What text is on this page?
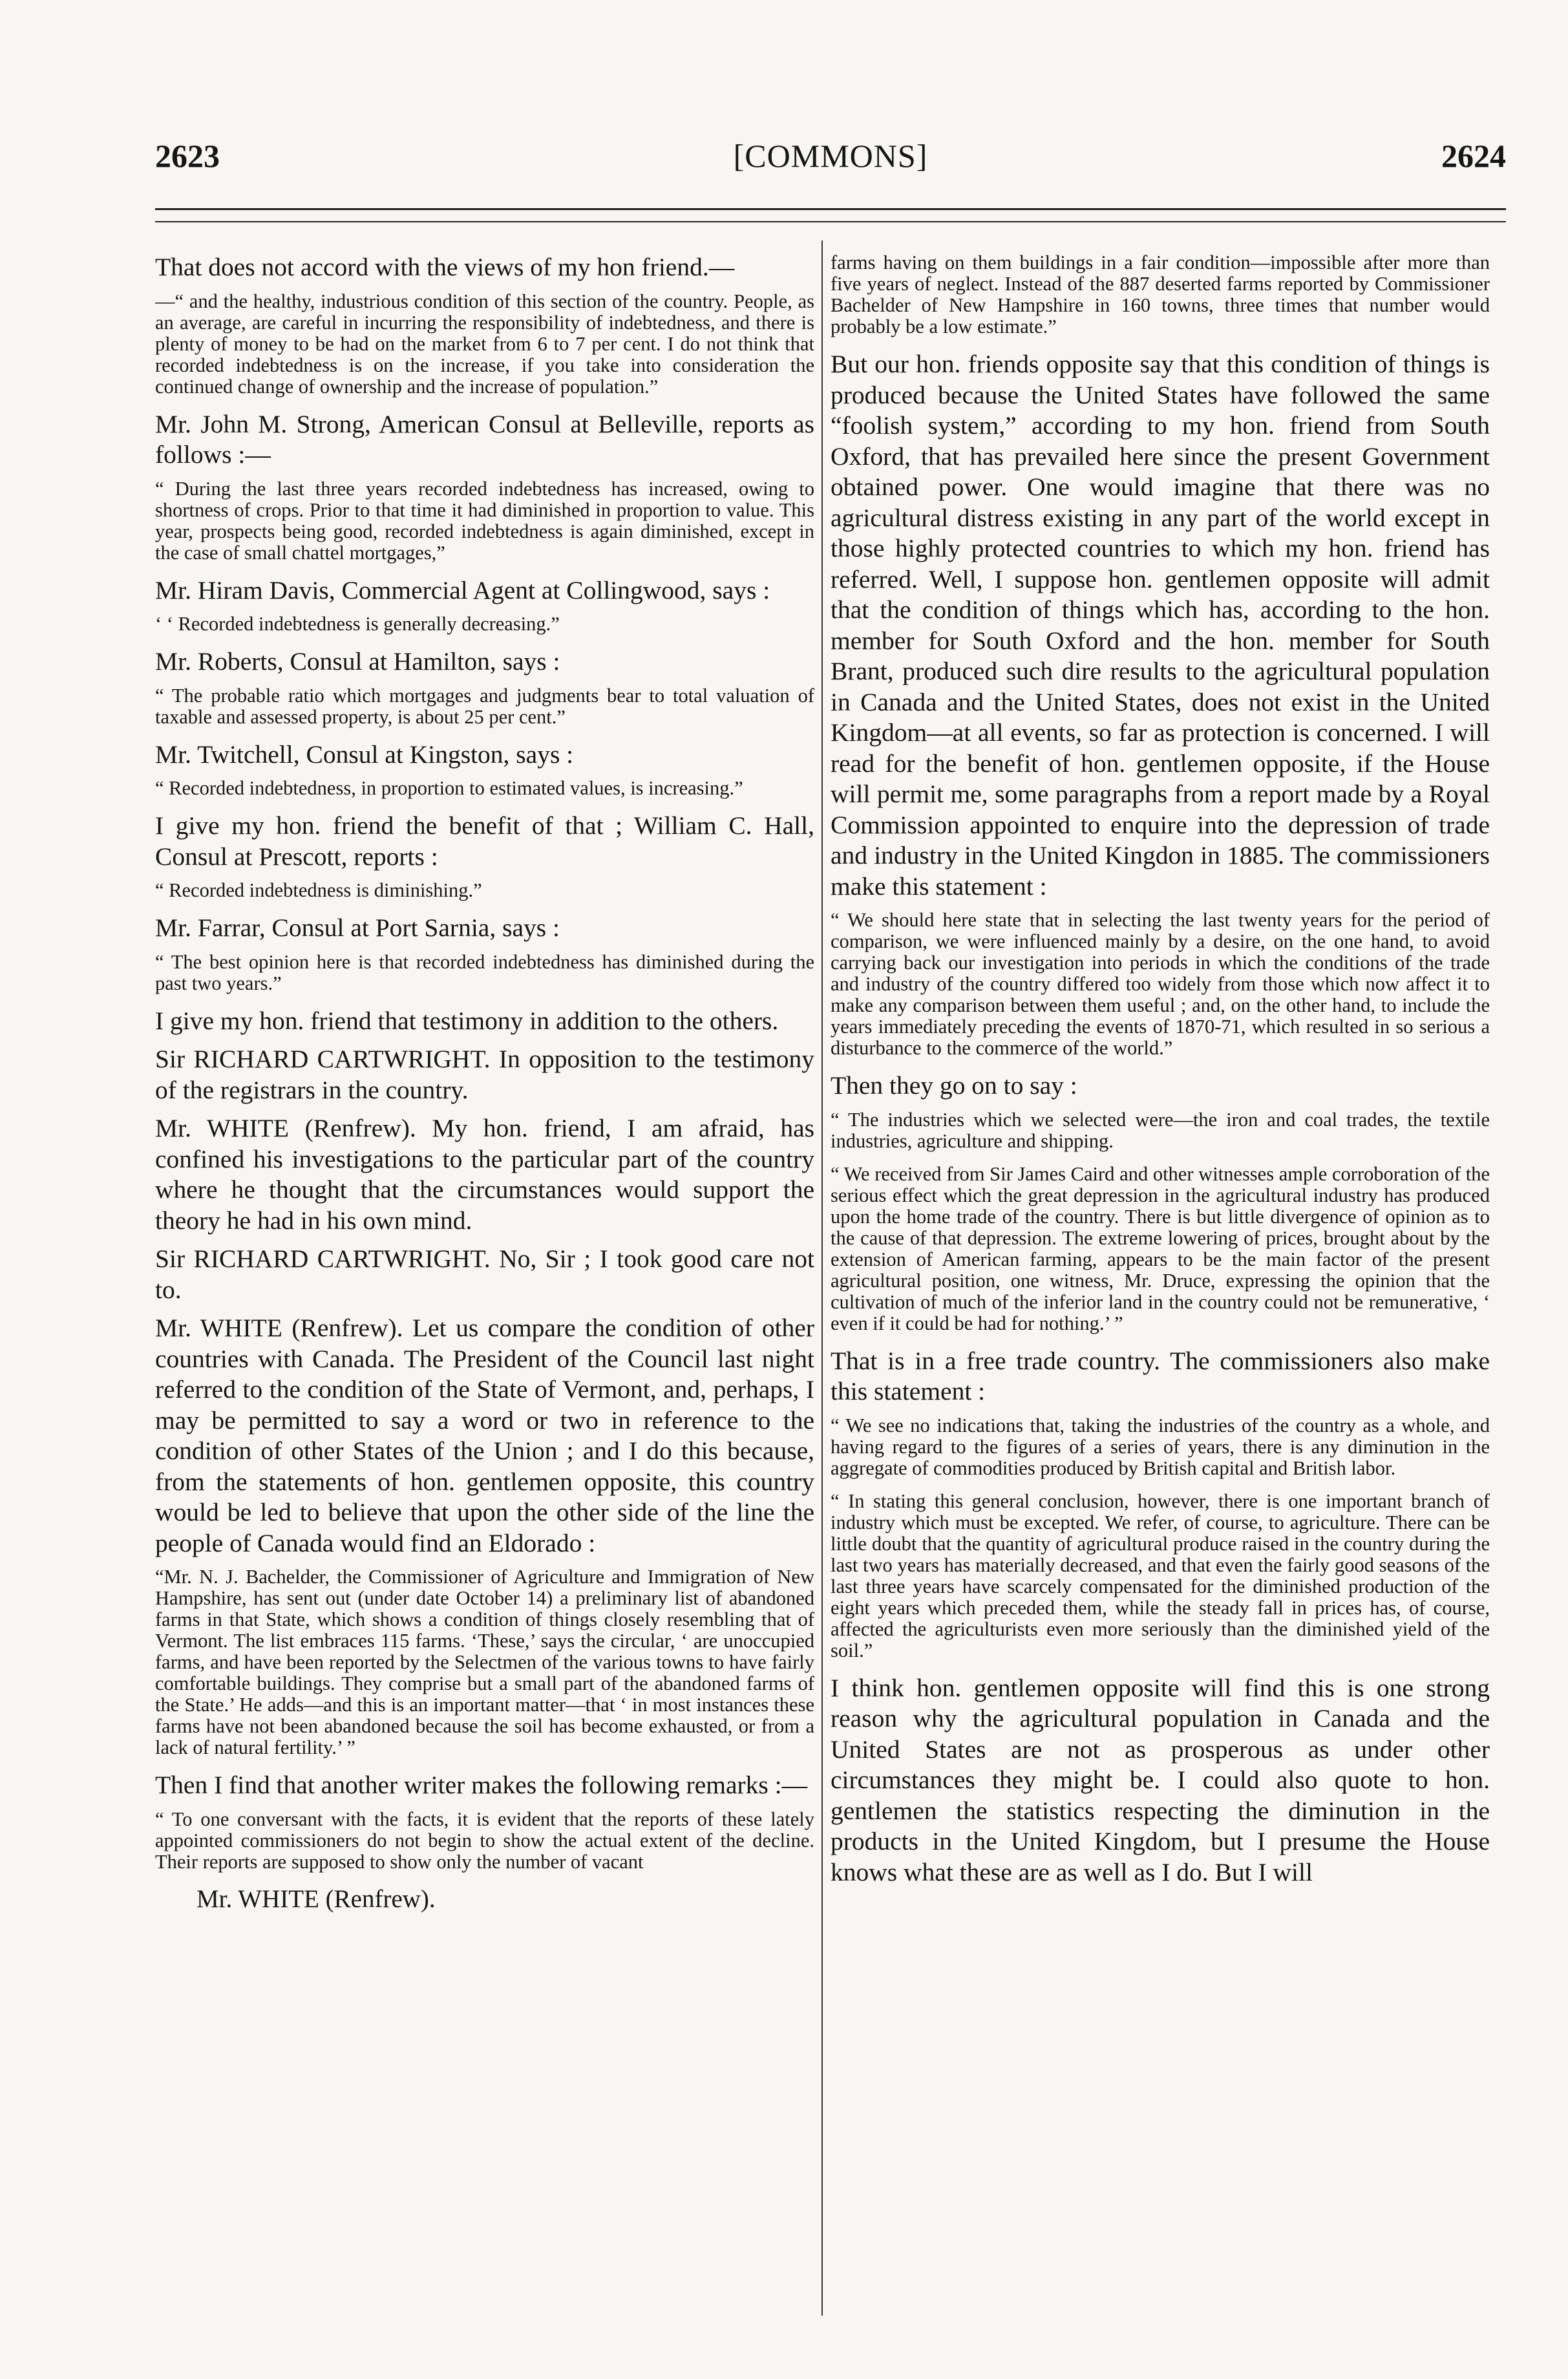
2623	[COMMONS]	2624

That does not accord with the views of my hon friend.—

—“ and the healthy, industrious condition of this section of the country. People, as an average, are careful in incurring the responsibility of indebtedness, and there is plenty of money to be had on the market from 6 to 7 per cent. I do not think that recorded indebtedness is on the increase, if you take into consideration the continued change of ownership and the increase of population.”

Mr. John M. Strong, American Consul at Belleville, reports as follows :—

“ During the last three years recorded indebtedness has increased, owing to shortness of crops. Prior to that time it had diminished in proportion to value. This year, prospects being good, recorded indebtedness is again diminished, except in the case of small chattel mortgages,”

Mr. Hiram Davis, Commercial Agent at Collingwood, says :

‘ ‘ Recorded indebtedness is generally decreasing.”

Mr. Roberts, Consul at Hamilton, says :

“ The probable ratio which mortgages and judgments bear to total valuation of taxable and assessed property, is about 25 per cent.”

Mr. Twitchell, Consul at Kingston, says :

“ Recorded indebtedness, in proportion to estimated values, is increasing.”

I give my hon. friend the benefit of that ; William C. Hall, Consul at Prescott, reports :

“ Recorded indebtedness is diminishing.”

Mr. Farrar, Consul at Port Sarnia, says :

“ The best opinion here is that recorded indebtedness has diminished during the past two years.”

I give my hon. friend that testimony in addition to the others.

Sir RICHARD CARTWRIGHT. In opposition to the testimony of the registrars in the country.

Mr. WHITE (Renfrew). My hon. friend, I am afraid, has confined his investigations to the particular part of the country where he thought that the circumstances would support the theory he had in his own mind.

Sir RICHARD CARTWRIGHT. No, Sir ; I took good care not to.

Mr. WHITE (Renfrew). Let us compare the condition of other countries with Canada. The President of the Council last night referred to the condition of the State of Vermont, and, perhaps, I may be permitted to say a word or two in reference to the condition of other States of the Union ; and I do this because, from the statements of hon. gentlemen opposite, this country would be led to believe that upon the other side of the line the people of Canada would find an Eldorado :

“Mr. N. J. Bachelder, the Commissioner of Agriculture and Immigration of New Hampshire, has sent out (under date October 14) a preliminary list of abandoned farms in that State, which shows a condition of things closely resembling that of Vermont. The list embraces 115 farms. ‘These,’ says the circular, ‘ are unoccupied farms, and have been reported by the Selectmen of the various towns to have fairly comfortable buildings. They comprise but a small part of the abandoned farms of the State.’ He adds—and this is an important matter—that ‘ in most instances these farms have not been abandoned because the soil has become exhausted, or from a lack of natural fertility.’ ”

Then I find that another writer makes the following remarks :—

“ To one conversant with the facts, it is evident that the reports of these lately appointed commissioners do not begin to show the actual extent of the decline. Their reports are supposed to show only the number of vacant

Mr. WHITE (Renfrew).

farms having on them buildings in a fair condition—impossible after more than five years of neglect. Instead of the 887 deserted farms reported by Commissioner Bachelder of New Hampshire in 160 towns, three times that number would probably be a low estimate.”

But our hon. friends opposite say that this condition of things is produced because the United States have followed the same “foolish system,” according to my hon. friend from South Oxford, that has prevailed here since the present Government obtained power. One would imagine that there was no agricultural distress existing in any part of the world except in those highly protected countries to which my hon. friend has referred. Well, I suppose hon. gentlemen opposite will admit that the condition of things which has, according to the hon. member for South Oxford and the hon. member for South Brant, produced such dire results to the agricultural population in Canada and the United States, does not exist in the United Kingdom—at all events, so far as protection is concerned. I will read for the benefit of hon. gentlemen opposite, if the House will permit me, some paragraphs from a report made by a Royal Commission appointed to enquire into the depression of trade and industry in the United Kingdon in 1885. The commissioners make this statement :

“ We should here state that in selecting the last twenty years for the period of comparison, we were influenced mainly by a desire, on the one hand, to avoid carrying back our investigation into periods in which the conditions of the trade and industry of the country differed too widely from those which now affect it to make any comparison between them useful ; and, on the other hand, to include the years immediately preceding the events of 1870-71, which resulted in so serious a disturbance to the commerce of the world.”

Then they go on to say :

“ The industries which we selected were—the iron and coal trades, the textile industries, agriculture and shipping.

“ We received from Sir James Caird and other witnesses ample corroboration of the serious effect which the great depression in the agricultural industry has produced upon the home trade of the country. There is but little divergence of opinion as to the cause of that depression. The extreme lowering of prices, brought about by the extension of American farming, appears to be the main factor of the present agricultural position, one witness, Mr. Druce, expressing the opinion that the cultivation of much of the inferior land in the country could not be remunerative, ‘ even if it could be had for nothing.’ ”

That is in a free trade country. The commissioners also make this statement :

“ We see no indications that, taking the industries of the country as a whole, and having regard to the figures of a series of years, there is any diminution in the aggregate of commodities produced by British capital and British labor.

“ In stating this general conclusion, however, there is one important branch of industry which must be excepted. We refer, of course, to agriculture. There can be little doubt that the quantity of agricultural produce raised in the country during the last two years has materially decreased, and that even the fairly good seasons of the last three years have scarcely compensated for the diminished production of the eight years which preceded them, while the steady fall in prices has, of course, affected the agriculturists even more seriously than the diminished yield of the soil.”

I think hon. gentlemen opposite will find this is one strong reason why the agricultural population in Canada and the United States are not as prosperous as under other circumstances they might be. I could also quote to hon. gentlemen the statistics respecting the diminution in the products in the United Kingdom, but I presume the House knows what these are as well as I do. But I will
